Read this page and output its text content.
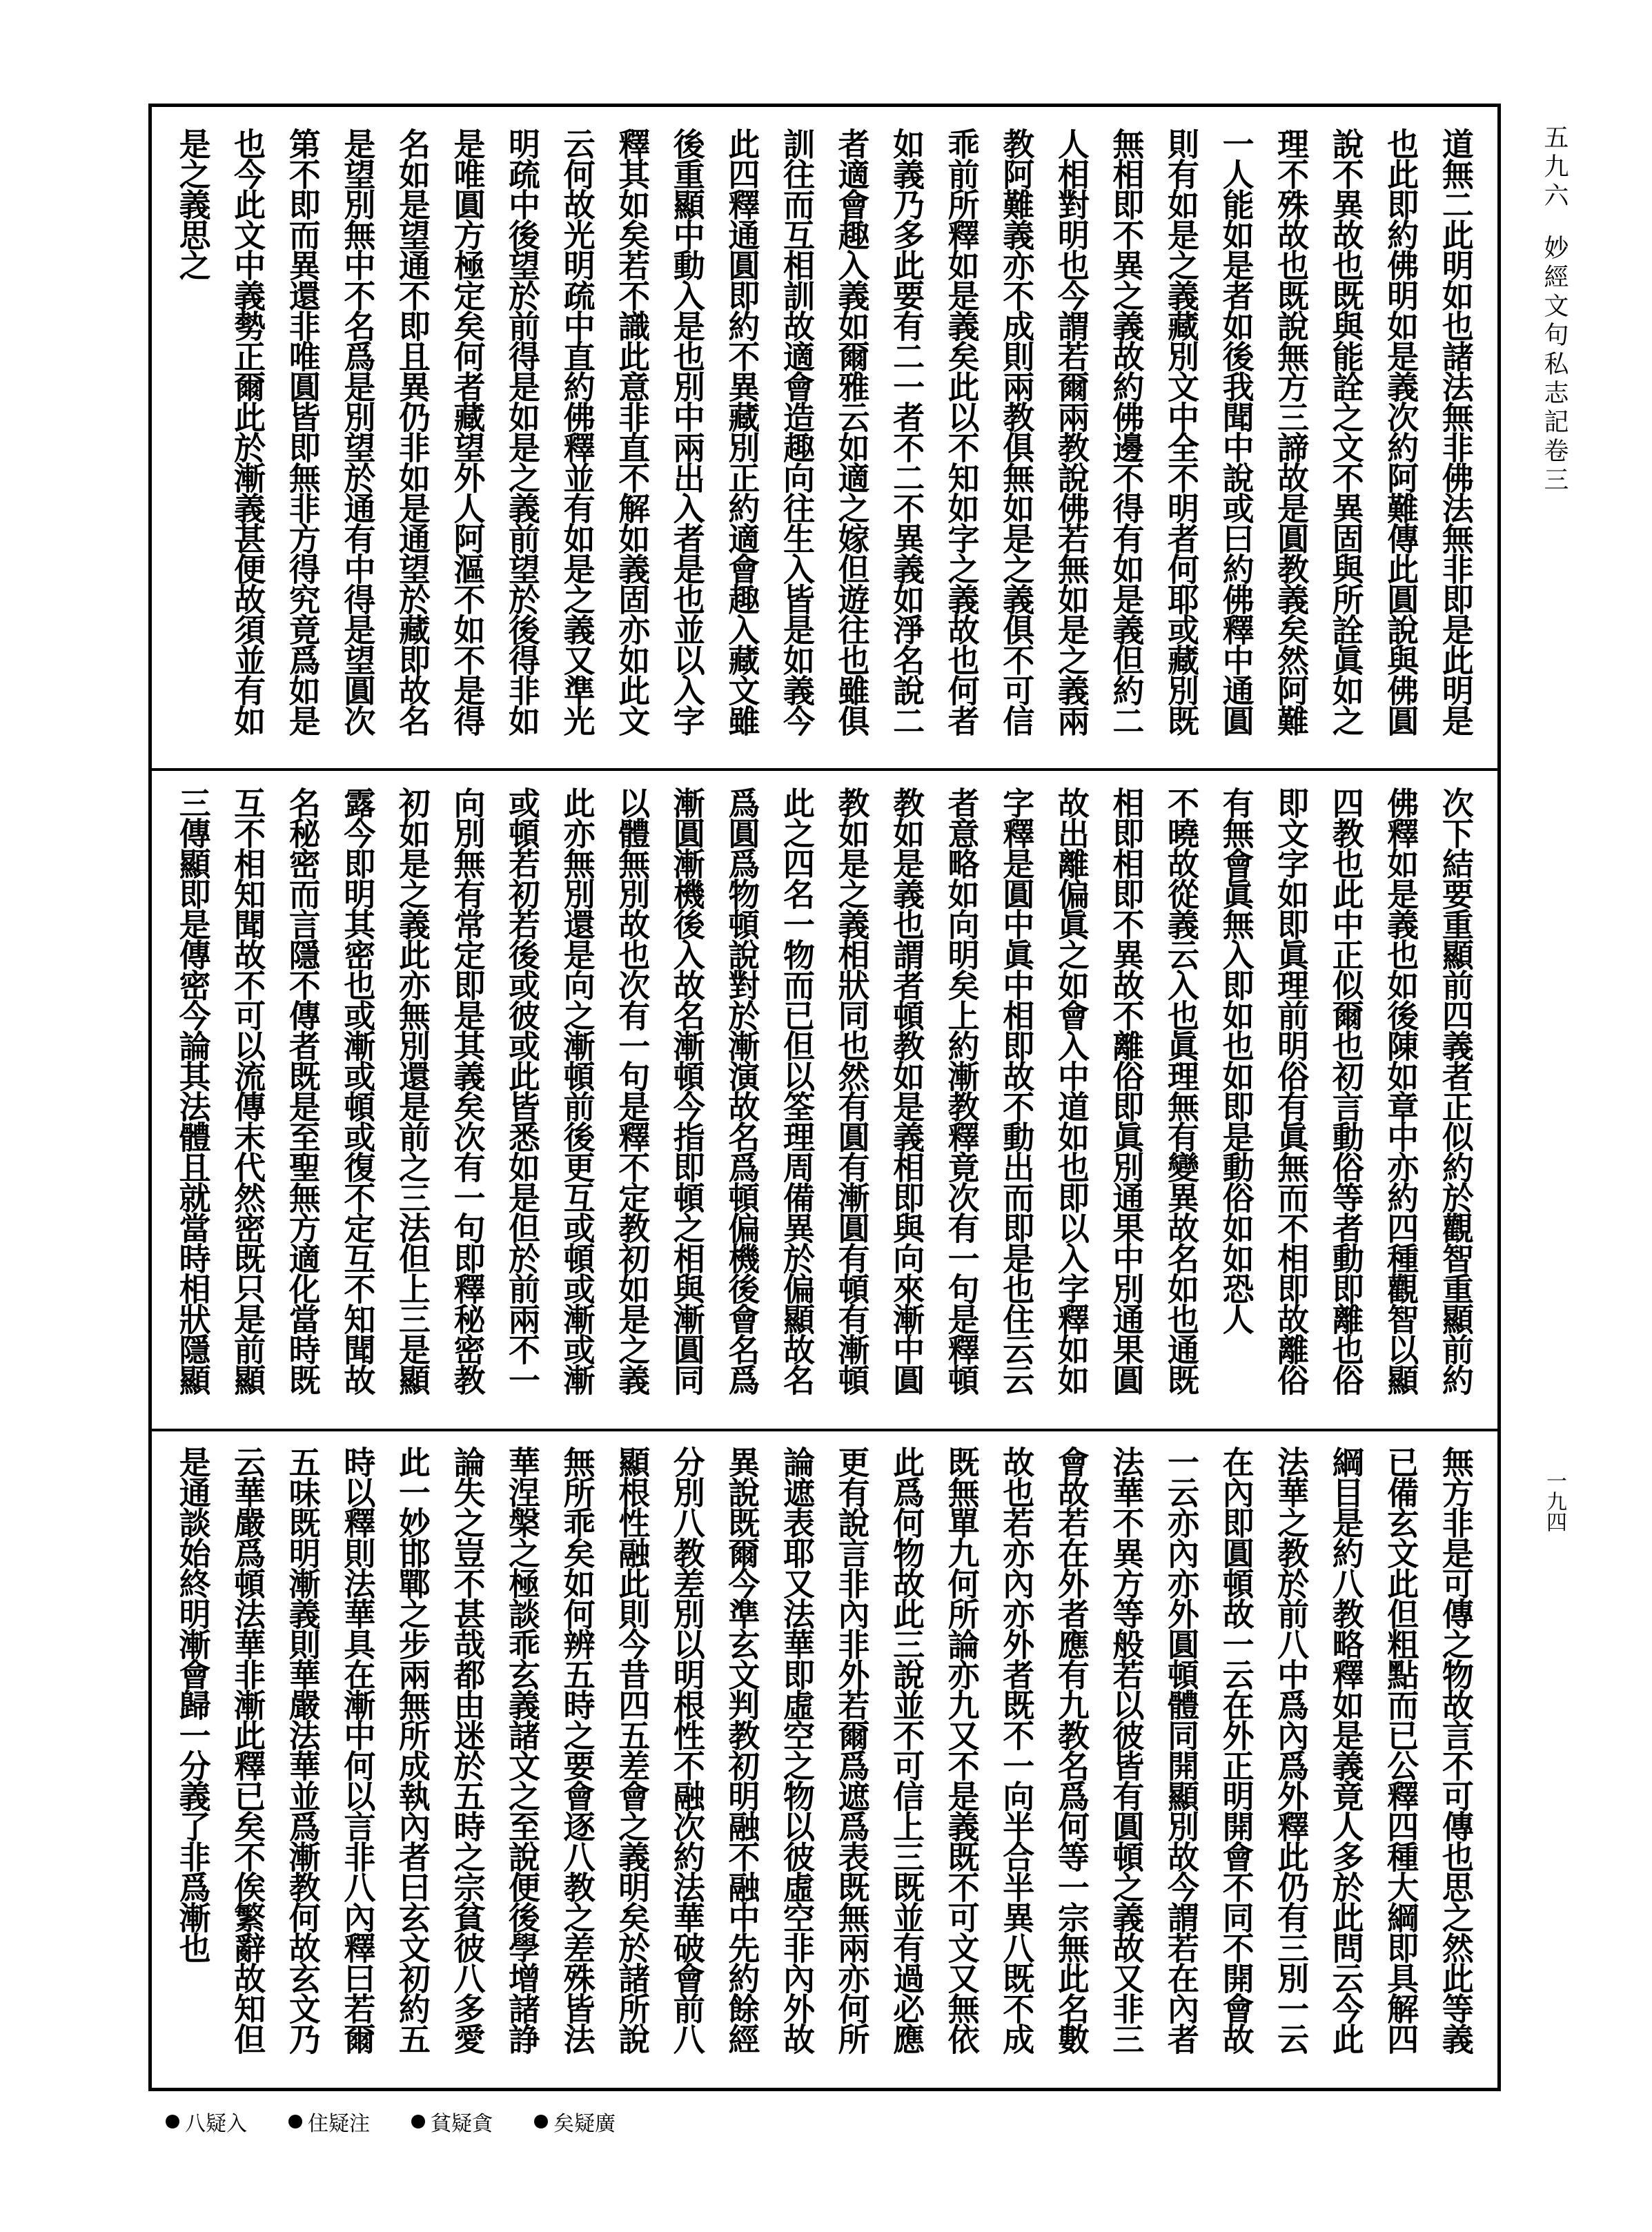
五九六
妙經文句私志記卷三
一九四
道無二此明如也諸法無非佛法無非即是此明是
也此即約佛明如是義次約阿難傳此圓說與佛圓
說不異故也既與能詮之文不異固與所詮眞如之
理不殊故也既說無方三諦故是圓教義矣然阿難
一人能如是者如後我聞中說或曰約佛釋中通圓
則有如是之義藏別文中全不明者何耶或藏別既
無相即不異之義故約佛邊不得有如是義但約二
人相對明也今謂若爾兩教說佛若無如是之義兩
教阿難義亦不成則兩教俱無如是之義俱不可信
乖前所釋如是義矣此以不知如字之義故也何者
如義乃多此要有二一者不二不異義如淨名說二
者適會趣入義如爾雅云如適之嫁但遊往也雖俱
訓往而互相訓故適會造趣向往生入皆是如義今
此四釋通圓即約不異藏別正約適會趣入藏文雖
後重顯中動入是也別中兩出入者是也並以入字
釋其如矣若不識此意非直不解如義固亦如此文
云何故光明疏中直約佛釋並有如是之義又準光
明疏中後望於前得是如是之義前望於後得非如
是唯圓方極定矣何者藏望外人阿漚不如不是得
名如是望通不即且異仍非如是通望於藏即故名
是望別無中不名爲是別望於通有中得是望圓次
第不即而異還非唯圓皆即無非方得究竟爲如是
也今此文中義勢正爾此於漸義甚便故須並有如
是之義思之
次下結要重顯前四義者正似約於觀智重顯前約
佛釋如是義也如後陳如章中亦約四種觀智以顯
四教也此中正似爾也初言動俗等者動即離也俗
即文字如即眞理前明俗有眞無而不相即故離俗
有無會眞無入即如也如即是動俗如如恐人
不曉故從義云入也眞理無有變異故名如也通既
相即相即不異故不離俗即眞別通果中別通果圓
故出離偏眞之如會入中道如也即以入字釋如如
字釋是圓中眞中相即故不動出而即是也住云云
者意略如向明矣上約漸教釋竟次有一句是釋頓
教如是義也謂者頓教如是義相即與向來漸中圓
教如是之義相狀同也然有圓有漸圓有頓有漸頓
此之四名一物而已但以筌理周備異於偏顯故名
爲圓爲物頓說對於漸演故名爲頓偏機後會名爲
漸圓漸機後入故名漸頓今指即頓之相與漸圓同
以體無別故也次有一句是釋不定教初如是之義
此亦無別還是向之漸頓前後更互或頓或漸或漸
或頓若初若後或彼或此皆悉如是但於前兩不一
向別無有常定即是其義矣次有一句即釋秘密教
初如是之義此亦無別還是前之三法但上三是顯
露今即明其密也或漸或頓或復不定互不知聞故
名秘密而言隱不傳者既是至聖無方適化當時既
互不相知聞故不可以流傳末代然密既只是前顯
三傳顯即是傳密今論其法體且就當時相狀隱顯
無方非是可傳之物故言不可傳也思之然此等義
已備玄文此但粗點而已公釋四種大綱即具解四
綱目是約八教略釋如是義竟人多於此問云今此
法華之教於前八中爲內爲外釋此仍有三別一云
在內即圓頓故一云在外正明開會不同不開會故
一云亦內亦外圓頓體同開顯別故今謂若在內者
法華不異方等般若以彼皆有圓頓之義故又非三
會故若在外者應有九教名爲何等一宗無此名數
故也若亦內亦外者既不一向半合半異八既不成
既無單九何所論亦九又不是義既不可文又無依
此爲何物故此三說並不可信上三既並有過必應
更有說言非內非外若爾爲遮爲表既無兩亦何所
論遮表耶又法華即虛空之物以彼虛空非內外故
異說既爾今準玄文判教初明融不融中先約餘經
分別八教差別以明根性不融次約法華破會前八
顯根性融此則今昔四五差會之義明矣於諸所說
無所乖矣如何辨五時之要會逐八教之差殊皆法
華涅槃之極談乖玄義諸文之至說便後學增諸諍
論失之豈不甚哉都由迷於五時之宗貧彼八多愛
此一妙邯鄲之步兩無所成執內者曰玄文初約五
時以釋則法華具在漸中何以言非八內釋曰若爾
五味既明漸義則華嚴法華並爲漸教何故玄文乃
云華嚴爲頓法華非漸此釋已矣不俟繁辭故知但
是通談始終明漸會歸一分義了非爲漸也
八疑入	住疑注	貧疑貪	矣疑廣
